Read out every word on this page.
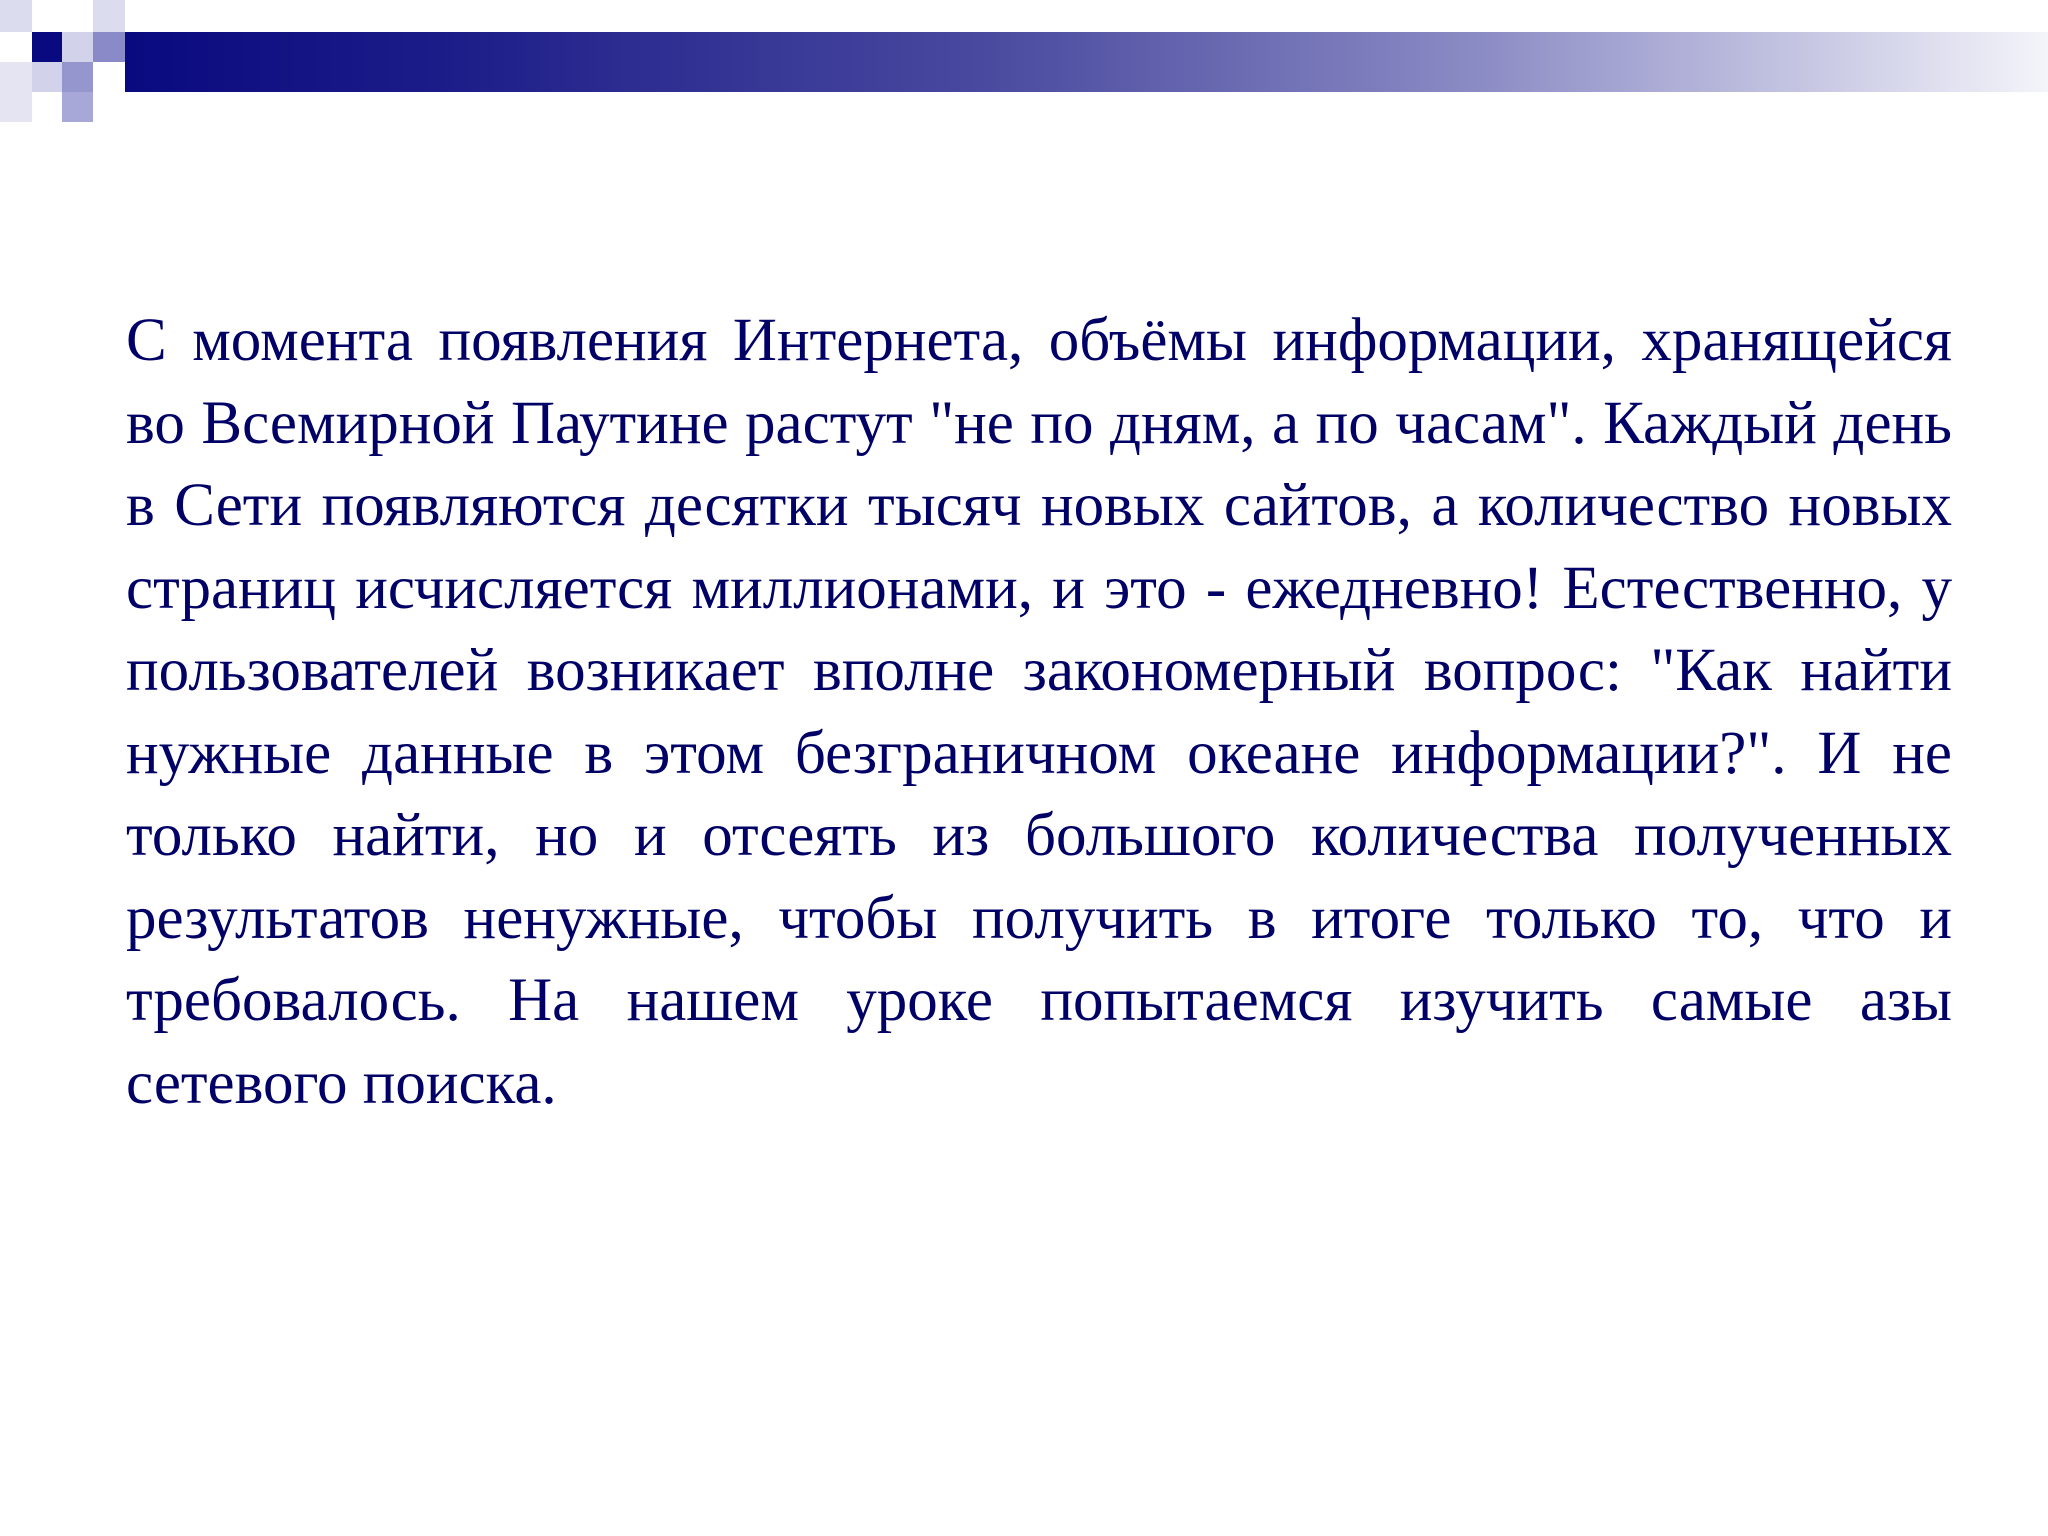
С момента появления Интернета, объёмы информации, хранящейся во Всемирной Паутине растут "не по дням, а по часам". Каждый день в Сети появляются десятки тысяч новых сайтов, а количество новых страниц исчисляется миллионами, и это - ежедневно! Естественно, у пользователей возникает вполне закономерный вопрос: "Как найти нужные данные в этом безграничном океане информации?". И не только найти, но и отсеять из большого количества полученных результатов ненужные, чтобы получить в итоге только то, что и требовалось. На нашем уроке попытаемся изучить самые азы сетевого поиска.
